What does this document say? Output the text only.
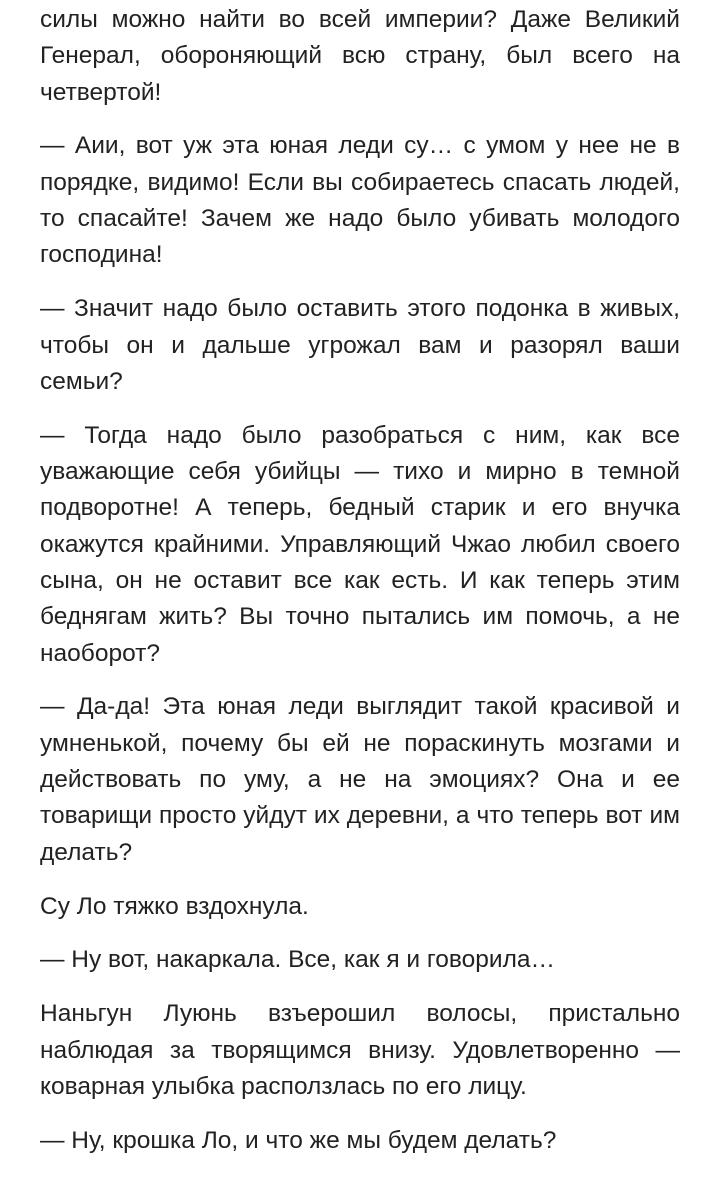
силы можно найти во всей империи? Даже Великий Генерал, обороняющий всю страну, был всего на четвертой!

— Аии, вот уж эта юная леди су… с умом у нее не в порядке, видимо! Если вы собираетесь спасать людей, то спасайте! Зачем же надо было убивать молодого господина!

— Значит надо было оставить этого подонка в живых, чтобы он и дальше угрожал вам и разорял ваши семьи?

— Тогда надо было разобраться с ним, как все уважающие себя убийцы — тихо и мирно в темной подворотне! А теперь, бедный старик и его внучка окажутся крайними. Управляющий Чжао любил своего сына, он не оставит все как есть. И как теперь этим беднягам жить? Вы точно пытались им помочь, а не наоборот?

— Да-да! Эта юная леди выглядит такой красивой и умненькой, почему бы ей не пораскинуть мозгами и действовать по уму, а не на эмоциях? Она и ее товарищи просто уйдут их деревни, а что теперь вот им делать?

Су Ло тяжко вздохнула.

— Ну вот, накаркала. Все, как я и говорила…

Наньгун Луюнь взъерошил волосы, пристально наблюдая за творящимся внизу. Удовлетворенно — коварная улыбка расползлась по его лицу.

— Ну, крошка Ло, и что же мы будем делать?
